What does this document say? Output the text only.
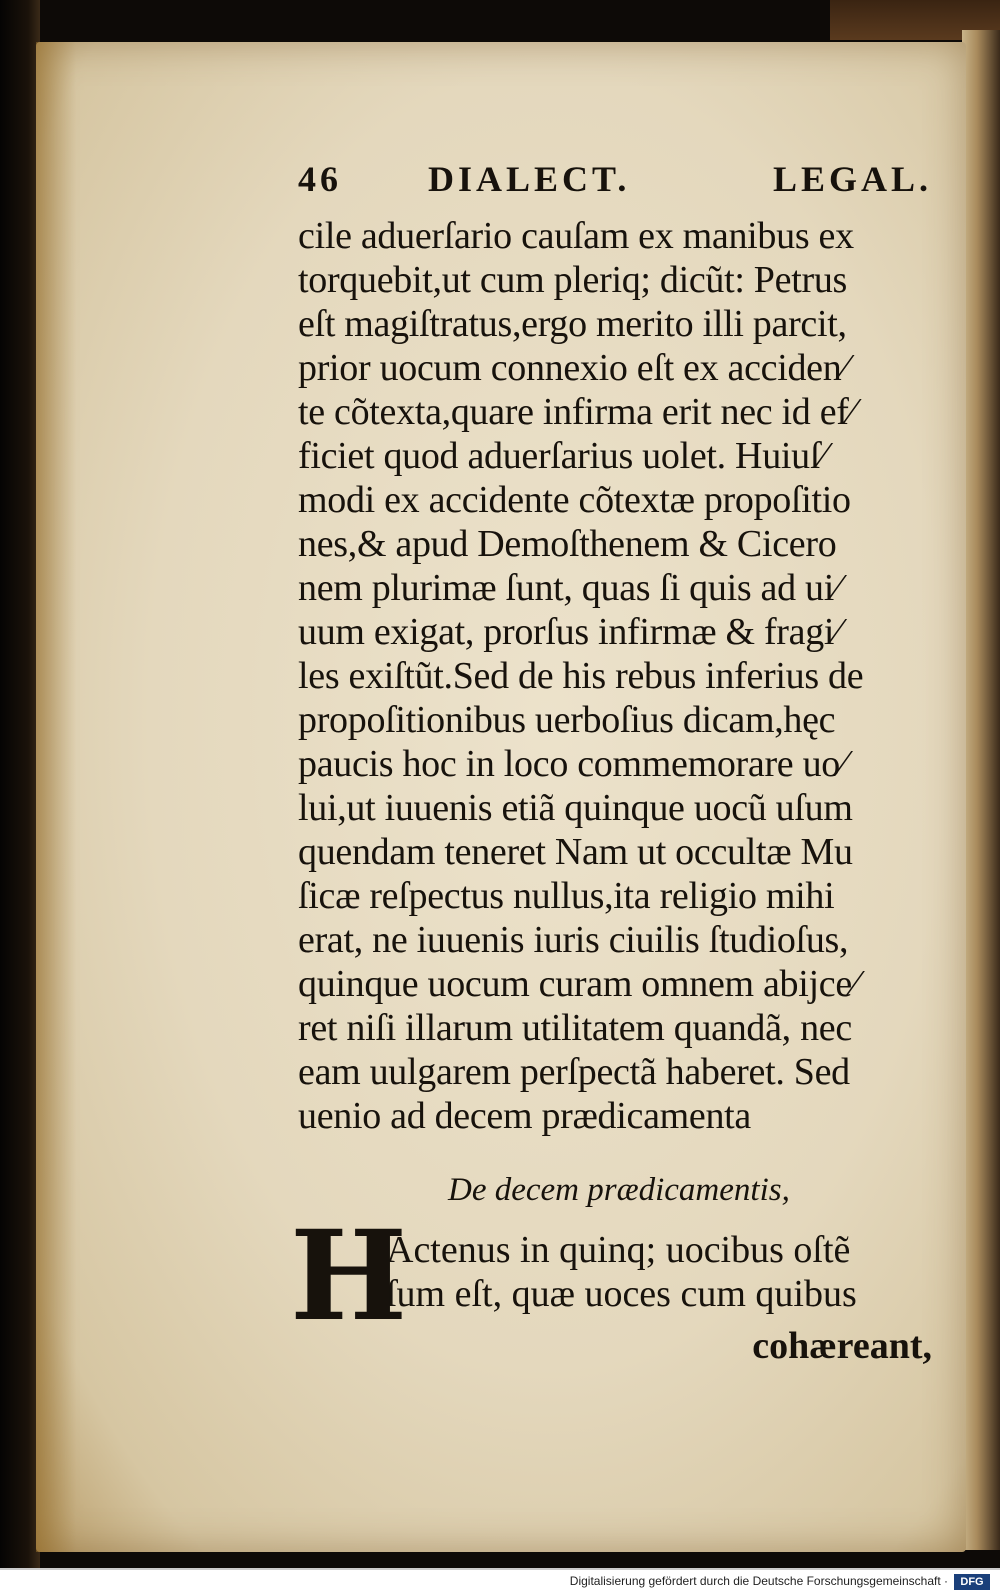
46	DIALECT.	LEGAL.
cile aduerſario cauſam ex manibus ex
torquebit,ut cum pleriq; dicũt: Petrus
eſt magiſtratus,ergo merito illi parcit,
prior uocum connexio eſt ex acciden⁄
te cõtexta,quare infirma erit nec id ef⁄
ficiet quod aduerſarius uolet. Huiuſ⁄
modi ex accidente cõtextæ propoſitio
nes,& apud Demoſthenem & Cicero
nem plurimæ ſunt, quas ſi quis ad ui⁄
uum exigat, prorſus infirmæ & fragi⁄
les exiſtũt.Sed de his rebus inferius de
propoſitionibus uerboſius dicam,hęc
paucis hoc in loco commemorare uo⁄
lui,ut iuuenis etiã quinque uocũ uſum
quendam teneret Nam ut occultæ Mu
ſicæ reſpectus nullus,ita religio mihi
erat, ne iuuenis iuris ciuilis ſtudioſus,
quinque uocum curam omnem abijce⁄
ret niſi illarum utilitatem quandã, nec
eam uulgarem perſpectã haberet. Sed
uenio ad decem prædicamenta
De decem prædicamentis,
H
Actenus in quinq; uocibus oſtẽ
ſum eſt, quæ uoces cum quibus
cohæreant,
Digitalisierung gefördert durch die Deutsche Forschungsgemeinschaft ·	DFG
